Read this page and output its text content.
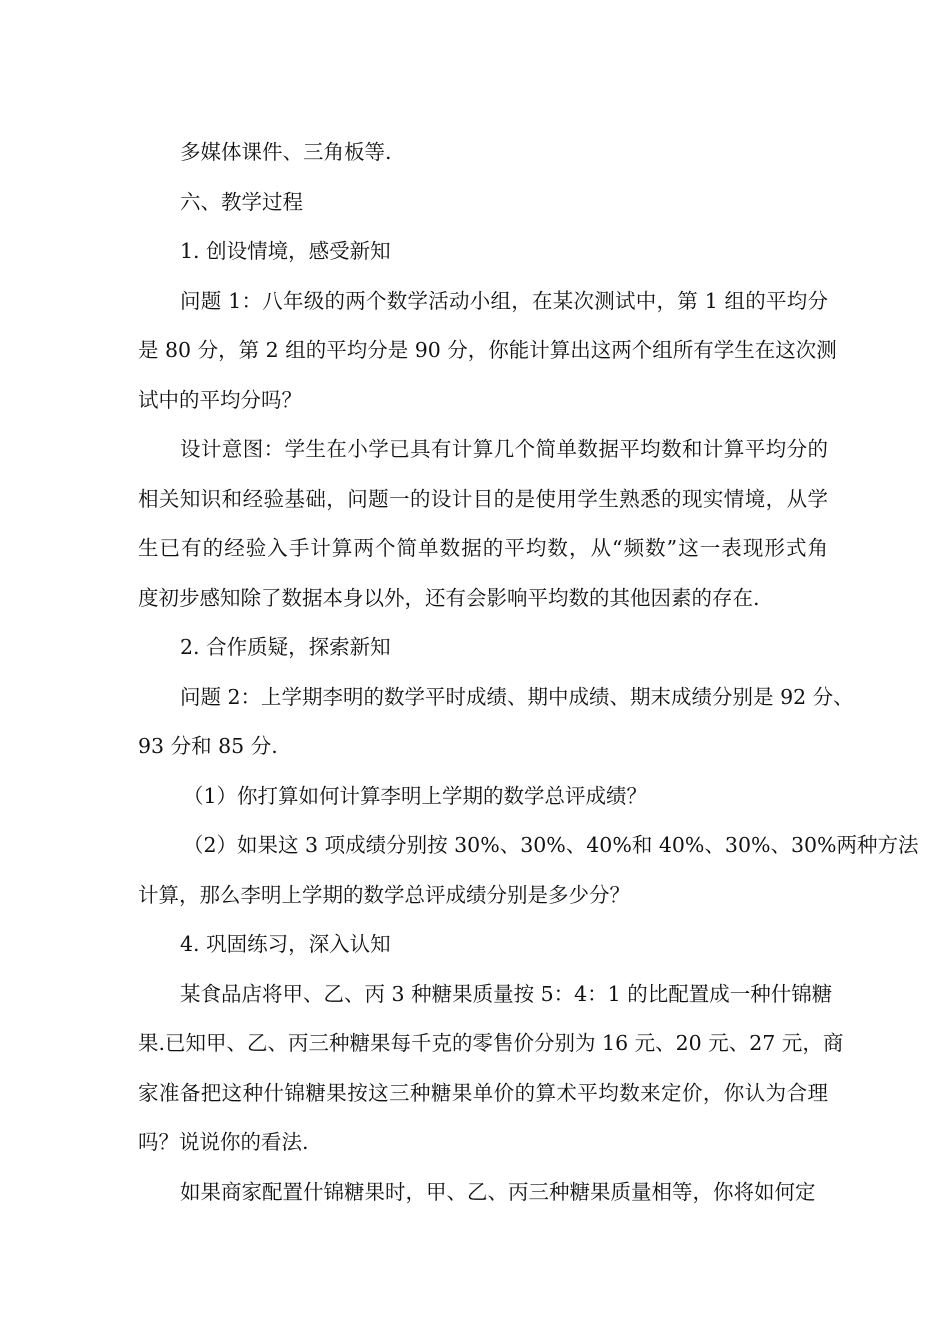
多媒体课件、三角板等.

六、教学过程

1. 创设情境，感受新知

问题 1：八年级的两个数学活动小组，在某次测试中，第 1 组的平均分

是 80 分，第 2 组的平均分是 90 分，你能计算出这两个组所有学生在这次测

试中的平均分吗？

设计意图：学生在小学已具有计算几个简单数据平均数和计算平均分的

相关知识和经验基础，问题一的设计目的是使用学生熟悉的现实情境，从学

生已有的经验入手计算两个简单数据的平均数，从“频数”这一表现形式角

度初步感知除了数据本身以外，还有会影响平均数的其他因素的存在.

2. 合作质疑，探索新知

问题 2：上学期李明的数学平时成绩、期中成绩、期末成绩分别是 92 分、

93 分和 85 分.

（1）你打算如何计算李明上学期的数学总评成绩？

（2）如果这 3 项成绩分别按 30%、30%、40%和 40%、30%、30%两种方法

计算，那么李明上学期的数学总评成绩分别是多少分？

4. 巩固练习，深入认知

某食品店将甲、乙、丙 3 种糖果质量按 5：4：1 的比配置成一种什锦糖

果.已知甲、乙、丙三种糖果每千克的零售价分别为 16 元、20 元、27 元，商

家准备把这种什锦糖果按这三种糖果单价的算术平均数来定价，你认为合理

吗？说说你的看法.

如果商家配置什锦糖果时，甲、乙、丙三种糖果质量相等，你将如何定
